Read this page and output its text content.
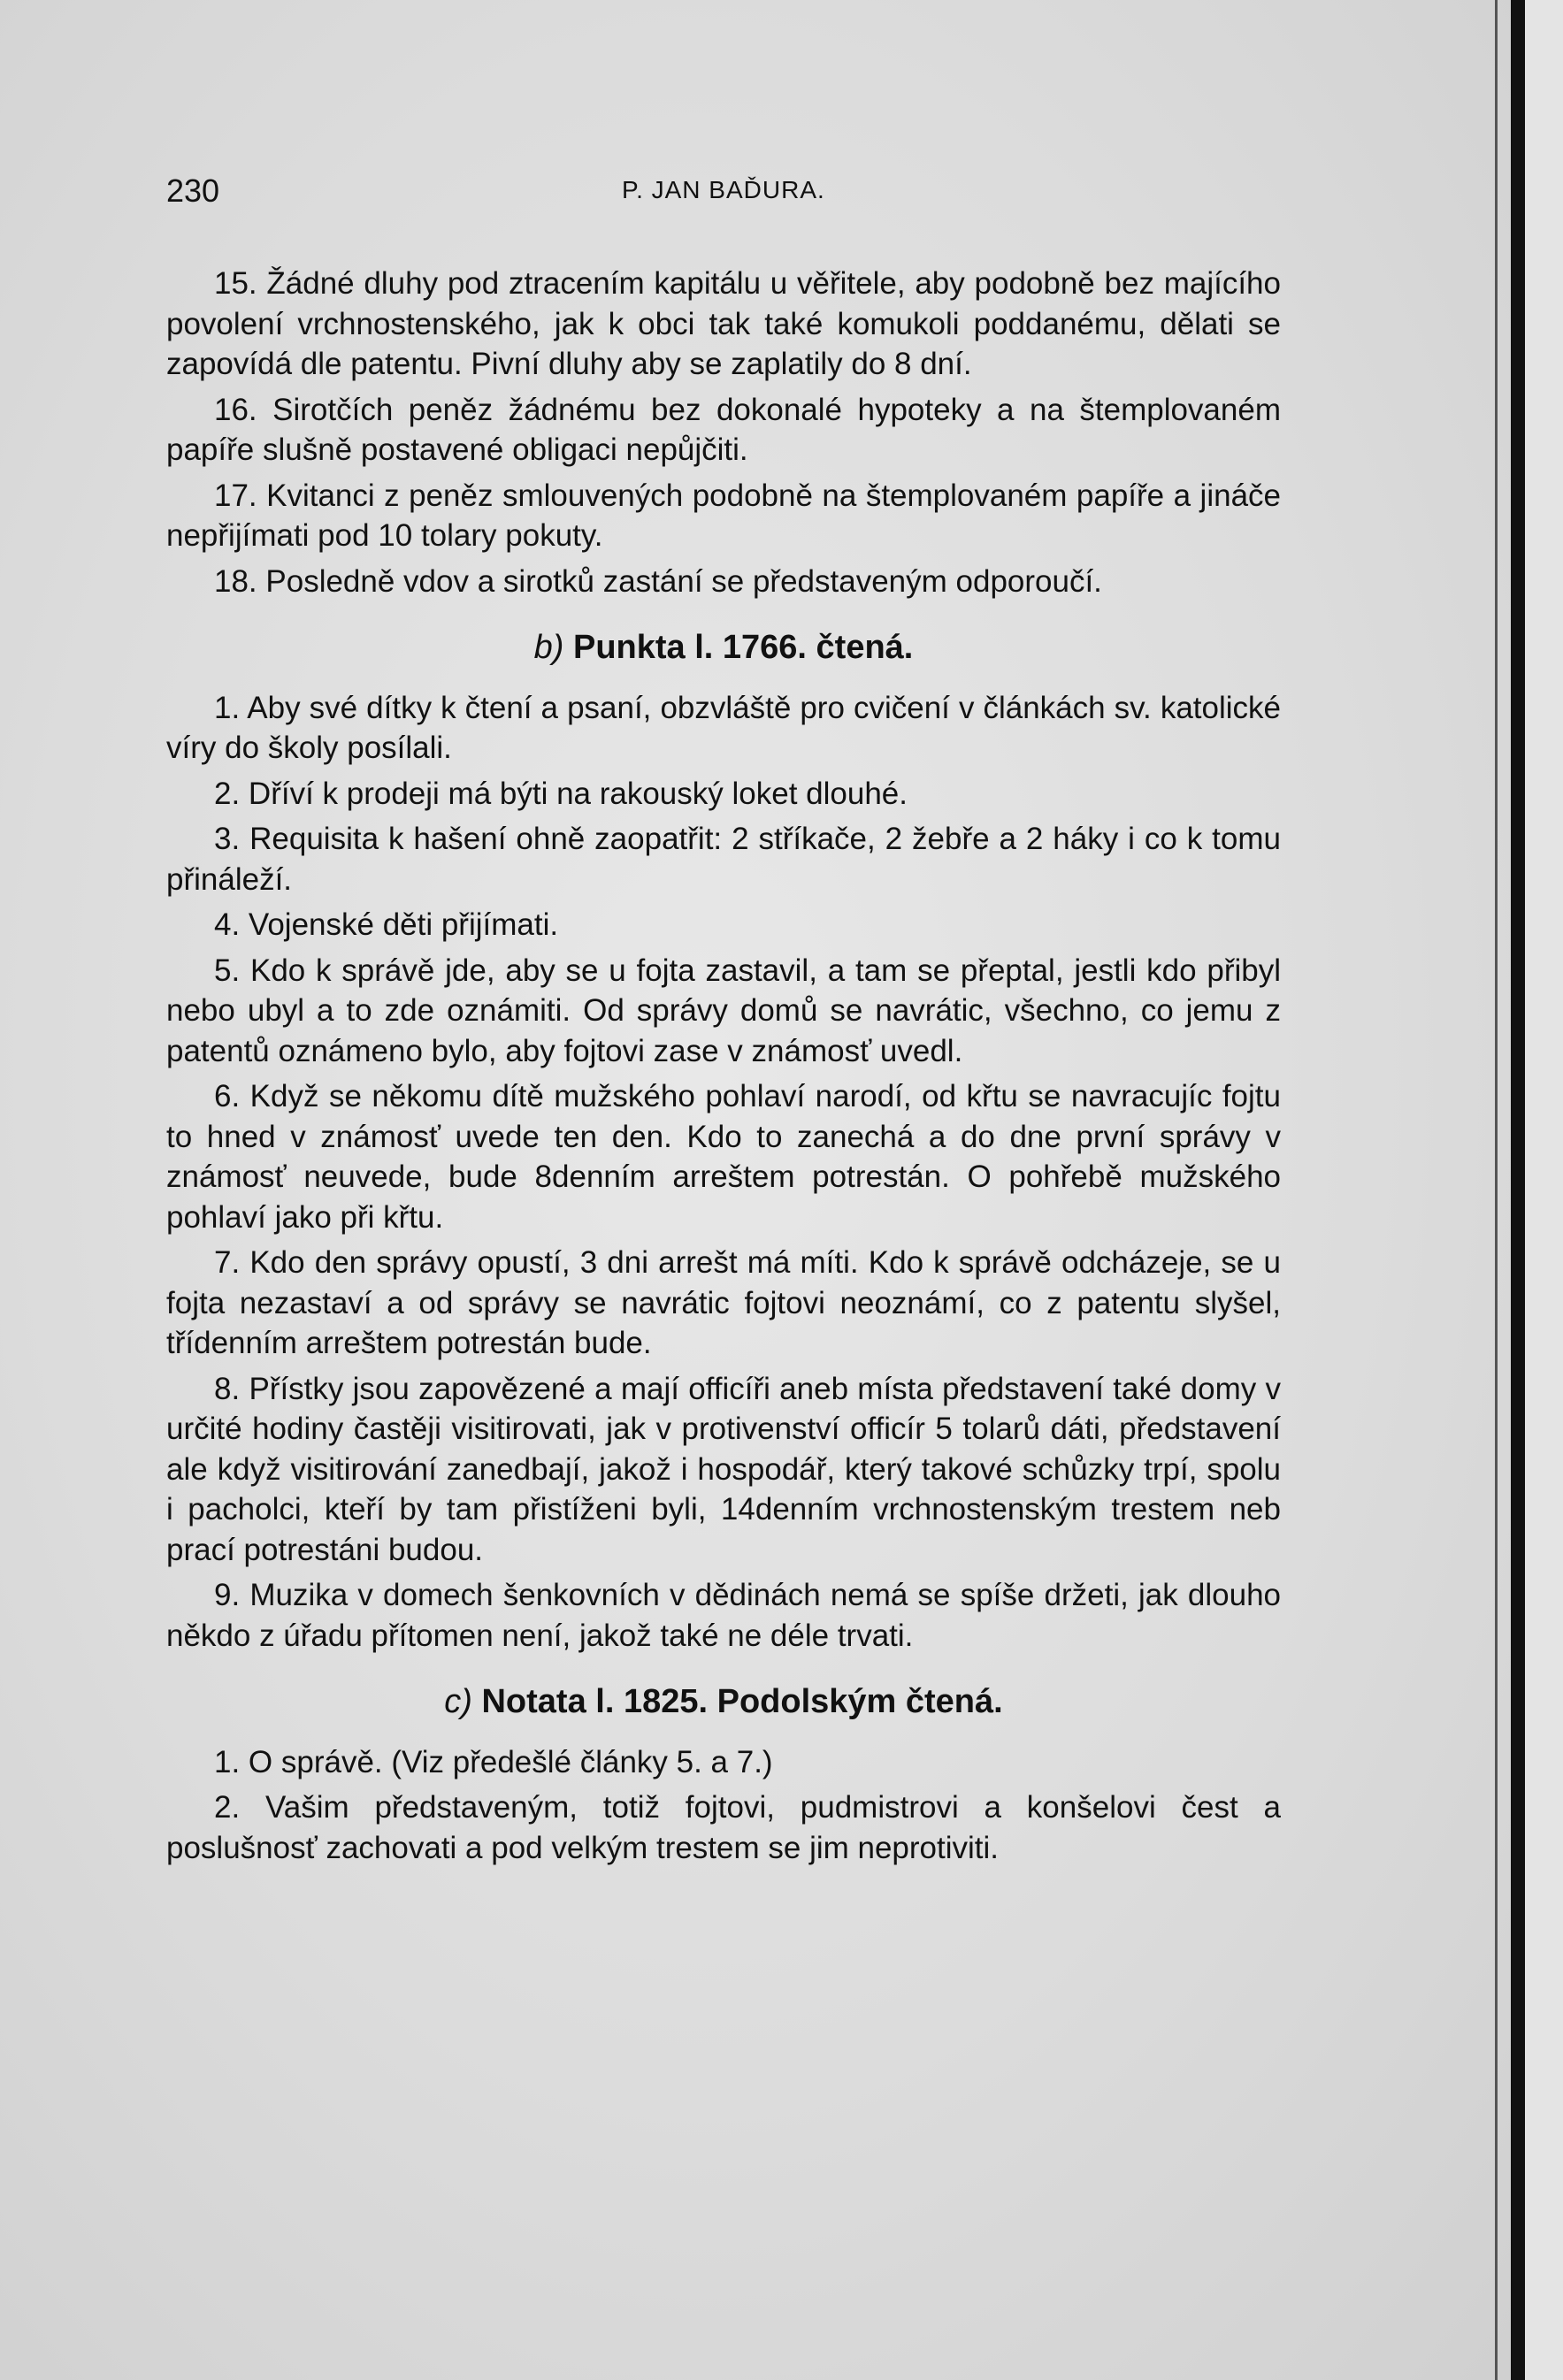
230	P. JAN BAĎURA.

15. Žádné dluhy pod ztracením kapitálu u věřitele, aby podobně bez majícího povolení vrchnostenského, jak k obci tak také komukoli poddanému, dělati se zapovídá dle patentu. Pivní dluhy aby se zaplatily do 8 dní.

16. Sirotčích peněz žádnému bez dokonalé hypoteky a na štemplovaném papíře slušně postavené obligaci nepůjčiti.

17. Kvitanci z peněz smlouvených podobně na štemplovaném papíře a jináče nepřijímati pod 10 tolary pokuty.

18. Posledně vdov a sirotků zastání se představeným odporoučí.

b) Punkta l. 1766. čtená.

1. Aby své dítky k čtení a psaní, obzvláště pro cvičení v článkách sv. katolické víry do školy posílali.

2. Dříví k prodeji má býti na rakouský loket dlouhé.

3. Requisita k hašení ohně zaopatřit: 2 stříkače, 2 žebře a 2 háky i co k tomu přináleží.

4. Vojenské děti přijímati.

5. Kdo k správě jde, aby se u fojta zastavil, a tam se přeptal, jestli kdo přibyl nebo ubyl a to zde oznámiti. Od správy domů se navrátic, všechno, co jemu z patentů oznámeno bylo, aby fojtovi zase v známosť uvedl.

6. Když se někomu dítě mužského pohlaví narodí, od křtu se navracujíc fojtu to hned v známosť uvede ten den. Kdo to zanechá a do dne první správy v známosť neuvede, bude 8denním arreštem potrestán. O pohřebě mužského pohlaví jako při křtu.

7. Kdo den správy opustí, 3 dni arrešt má míti. Kdo k správě odcházeje, se u fojta nezastaví a od správy se navrátic fojtovi neoznámí, co z patentu slyšel, třídenním arreštem potrestán bude.

8. Přístky jsou zapovězené a mají officíři aneb místa představení také domy v určité hodiny častěji visitirovati, jak v protivenství officír 5 tolarů dáti, představení ale když visitirování zanedbají, jakož i hospodář, který takové schůzky trpí, spolu i pacholci, kteří by tam přistíženi byli, 14denním vrchnostenským trestem neb prací potrestáni budou.

9. Muzika v domech šenkovních v dědinách nemá se spíše držeti, jak dlouho někdo z úřadu přítomen není, jakož také ne déle trvati.

c) Notata l. 1825. Podolským čtená.

1. O správě. (Viz předešlé články 5. a 7.)

2. Vašim představeným, totiž fojtovi, pudmistrovi a konšelovi čest a poslušnosť zachovati a pod velkým trestem se jim neprotiviti.
